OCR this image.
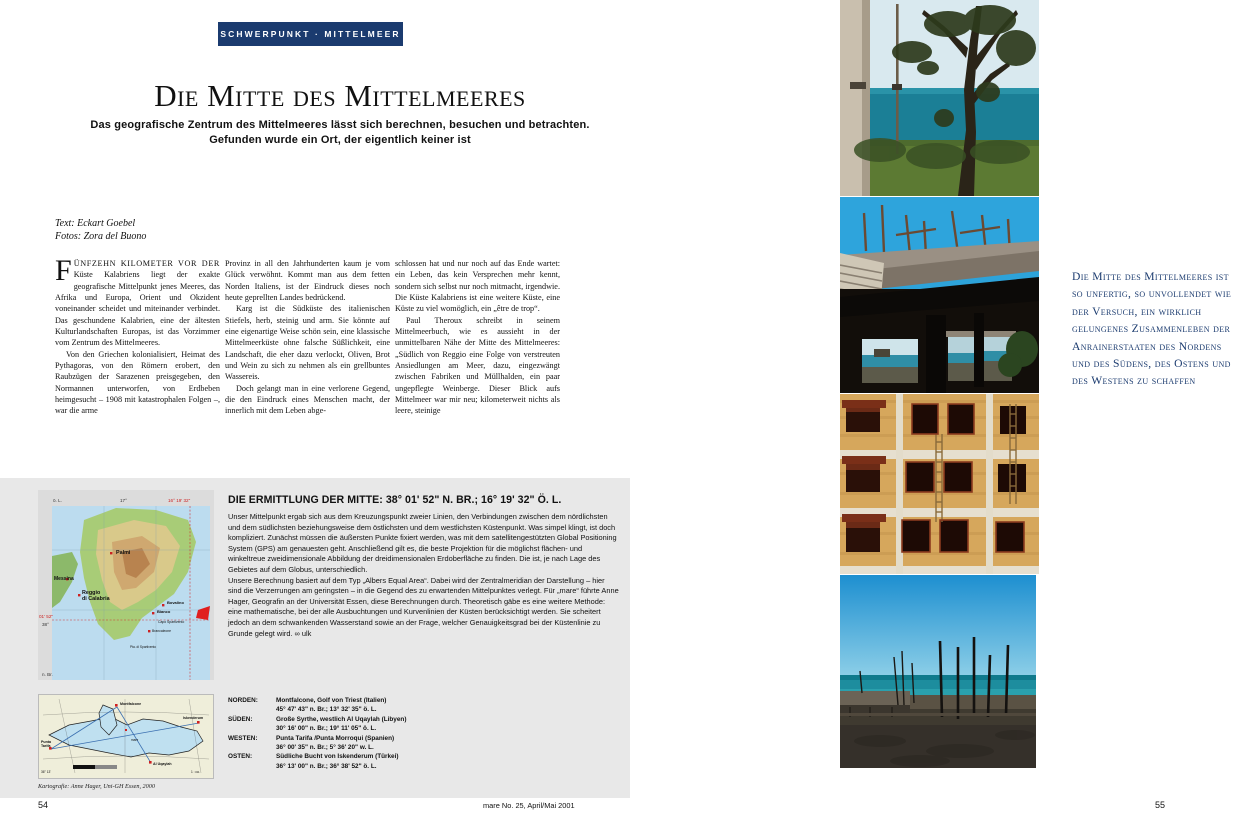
SCHWERPUNKT · MITTELMEER
Die Mitte des Mittelmeeres
Das geografische Zentrum des Mittelmeeres lässt sich berechnen, besuchen und betrachten.
Gefunden wurde ein Ort, der eigentlich keiner ist
Text: Eckart Goebel
Fotos: Zora del Buono

FÜNFZEHN KILOMETER VOR DER Küste Kalabriens liegt der exakte geografische Mittelpunkt jenes Meeres, das Afrika und Europa, Orient und Okzident voneinander scheidet und miteinander verbindet. Das geschundene Kalabrien, eine der ältesten Kulturlandschaften Europas, ist das Vorzimmer vom Zentrum des Mittelmeeres.

Von den Griechen kolonialisiert, Heimat des Pythagoras, von den Römern erobert, den Raubzügen der Sarazenen preisgegeben, den Normannen unterworfen, von Erdbeben heimgesucht – 1908 mit katastrophalen Folgen –, war die arme

Provinz in all den Jahrhunderten kaum je vom Glück verwöhnt. Kommt man aus dem fetten Norden Italiens, ist der Eindruck dieses noch heute geprellten Landes bedrückend.

Karg ist die Südküste des italienischen Stiefels, herb, steinig und arm. Sie könnte auf eine eigenartige Weise schön sein, eine klassische Mittelmeerküste ohne falsche Süßlichkeit, eine Landschaft, die eher dazu verlockt, Oliven, Brot und Wein zu sich zu nehmen als ein grellbuntes Wassereis.

Doch gelangt man in eine verlorene Gegend, die den Eindruck eines Menschen macht, der innerlich mit dem Leben abge-

schlossen hat und nur noch auf das Ende wartet: ein Leben, das kein Versprechen mehr kennt, sondern sich selbst nur noch mitmacht, irgendwie. Die Küste Kalabriens ist eine weitere Küste, eine Küste zu viel womöglich, ein „être de trop“.

Paul Theroux schreibt in seinem Mittelmeerbuch, wie es aussieht in der unmittelbaren Nähe der Mitte des Mittelmeeres: „Südlich von Reggio eine Folge von verstreuten Ansiedlungen am Meer, dazu, eingezwängt zwischen Fabriken und Müllhalden, ein paar ungepflegte Weinberge. Dieser Blick aufs Mittelmeer war mir neu; kilometerweit nichts als leere, steinige

Palmi
Messina
Reggio
di Calabria
Bovalino
Bianco
Capo Spartivento
Brancaleone
Pta. di Spartivento
ö. L.	17°	16° 19' 32"
01' 52"
38°
n. Br.
Montfalcone
Al Uqaylah
Punta
Tarifa
Iskenderum
mare
36° 13'	1 : ca.
Kartografie: Anne Hager, Uni-GH Essen, 2000
DIE ERMITTLUNG DER MITTE: 38° 01' 52" N. BR.; 16° 19' 32" Ö. L.

Unser Mittelpunkt ergab sich aus dem Kreuzungspunkt zweier Linien, den Verbindungen zwischen dem nördlichsten und dem südlichsten beziehungsweise dem östlichsten und dem westlichsten Küstenpunkt. Was simpel klingt, ist doch kompliziert. Zunächst müssen die äußersten Punkte fixiert werden, was mit dem satellitengestützten Global Positioning System (GPS) am genauesten geht. Anschließend gilt es, die beste Projektion für die möglichst flächen- und winkeltreue zweidimensionale Abbildung der dreidimensionalen Erdoberfläche zu finden. Die ist, je nach Lage des Gebietes auf dem Globus, unterschiedlich.

Unsere Berechnung basiert auf dem Typ „Albers Equal Area“. Dabei wird der Zentralmeridian der Darstellung – hier sind die Verzerrungen am geringsten – in die Gegend des zu erwartenden Mittelpunktes verlegt. Für „mare“ führte Anne Hager, Geografin an der Universität Essen, diese Berechnungen durch. Theoretisch gäbe es eine weitere Methode: eine mathematische, bei der alle Ausbuchtungen und Kurvenlinien der Küsten berücksichtigt werden. Sie scheitert jedoch an dem schwankenden Wasserstand sowie an der Frage, welcher Genauigkeitsgrad bei der Küstenlinie zu Grunde gelegt wird. ∞ ulk

NORDEN:	Montfalcone, Golf von Triest (Italien)
45° 47' 43" n. Br.; 13° 32' 35" ö. L.
SÜDEN:	Große Syrthe, westlich Al Uqaylah (Libyen)
30° 16' 00" n. Br.; 19° 11' 05" ö. L.
WESTEN:	Punta Tarifa /Punta Morroqui (Spanien)
36° 00' 35" n. Br.; 5° 36' 20" w. L.
OSTEN:	Südliche Bucht von Iskenderum (Türkei)
36° 13' 00" n. Br.; 36° 38' 52" ö. L.
54	mare No. 25, April/Mai 2001
Die Mitte des Mittelmeeres ist so unfertig, so unvollendet wie der Versuch, ein wirklich gelungenes Zusammenleben der Anrainerstaaten des Nordens und des Südens, des Ostens und des Westens zu schaffen
55
